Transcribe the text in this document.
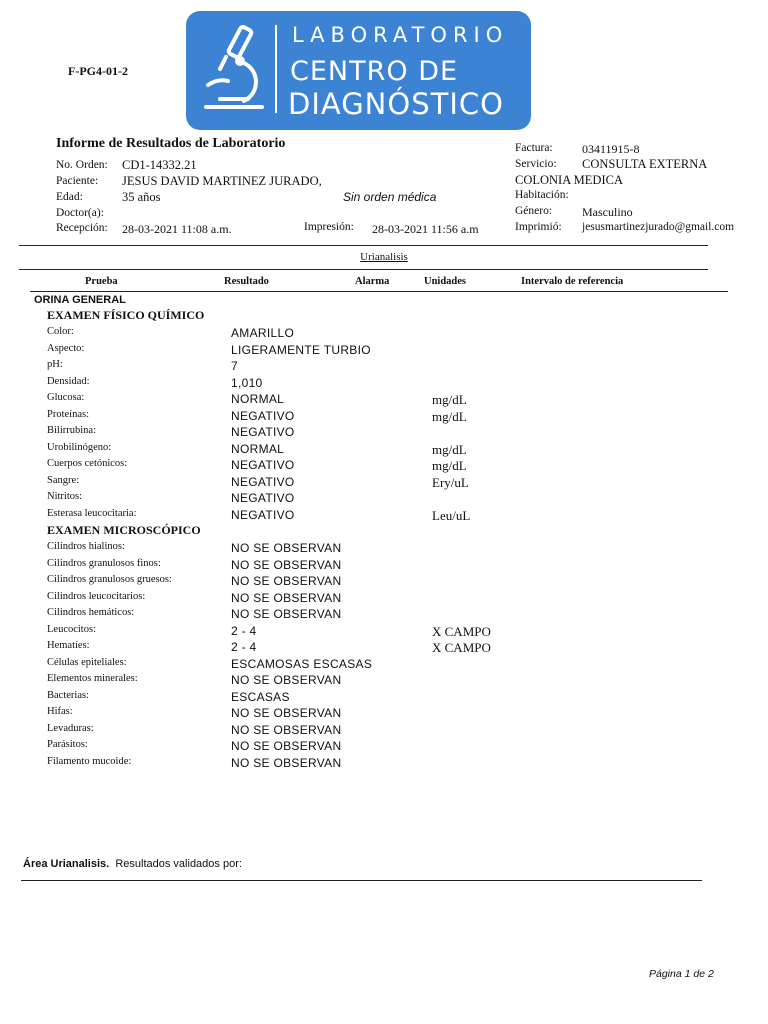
F-PG4-01-2
LABORATORIO
CENTRO DE
DIAGNÓSTICO
Informe de Resultados de Laboratorio
No. Orden: CD1-14332.21
Paciente: JESUS DAVID MARTINEZ JURADO,
Edad:	35 años	Sin orden médica
Doctor(a):
Recepción: 28-03-2021 11:08 a.m.	Impresión: 28-03-2021 11:56 a.m
Factura: 03411915-8
Servicio: CONSULTA EXTERNA
COLONIA MEDICA
Habitación:
Género: Masculino
Imprimió: jesusmartinezjurado@gmail.com
Urianalisis
Prueba	Resultado	Alarma	Unidades	Intervalo de referencia
ORINA GENERAL
EXAMEN FÍSICO QUÍMICO
Color:	AMARILLO
Aspecto:	LIGERAMENTE TURBIO
pH:	7
Densidad:	1,010
Glucosa:	NORMAL	mg/dL
Proteínas:	NEGATIVO	mg/dL
Bilirrubina:	NEGATIVO
Urobilinógeno:	NORMAL	mg/dL
Cuerpos cetónicos:	NEGATIVO	mg/dL
Sangre:	NEGATIVO	Ery/uL
Nitritos:	NEGATIVO
Esterasa leucocitaria:	NEGATIVO	Leu/uL
EXAMEN MICROSCÓPICO
Cilindros hialinos:	NO SE OBSERVAN
Cilindros granulosos finos:	NO SE OBSERVAN
Cilindros granulosos gruesos:	NO SE OBSERVAN
Cilindros leucocitarios:	NO SE OBSERVAN
Cilindros hemáticos:	NO SE OBSERVAN
Leucocitos:	2 - 4	X CAMPO
Hematíes:	2 - 4	X CAMPO
Células epiteliales:	ESCAMOSAS ESCASAS
Elementos minerales:	NO SE OBSERVAN
Bacterias:	ESCASAS
Hifas:	NO SE OBSERVAN
Levaduras:	NO SE OBSERVAN
Parásitos:	NO SE OBSERVAN
Filamento mucoide:	NO SE OBSERVAN
Área Urianalisis. Resultados validados por:
Página 1 de 2
